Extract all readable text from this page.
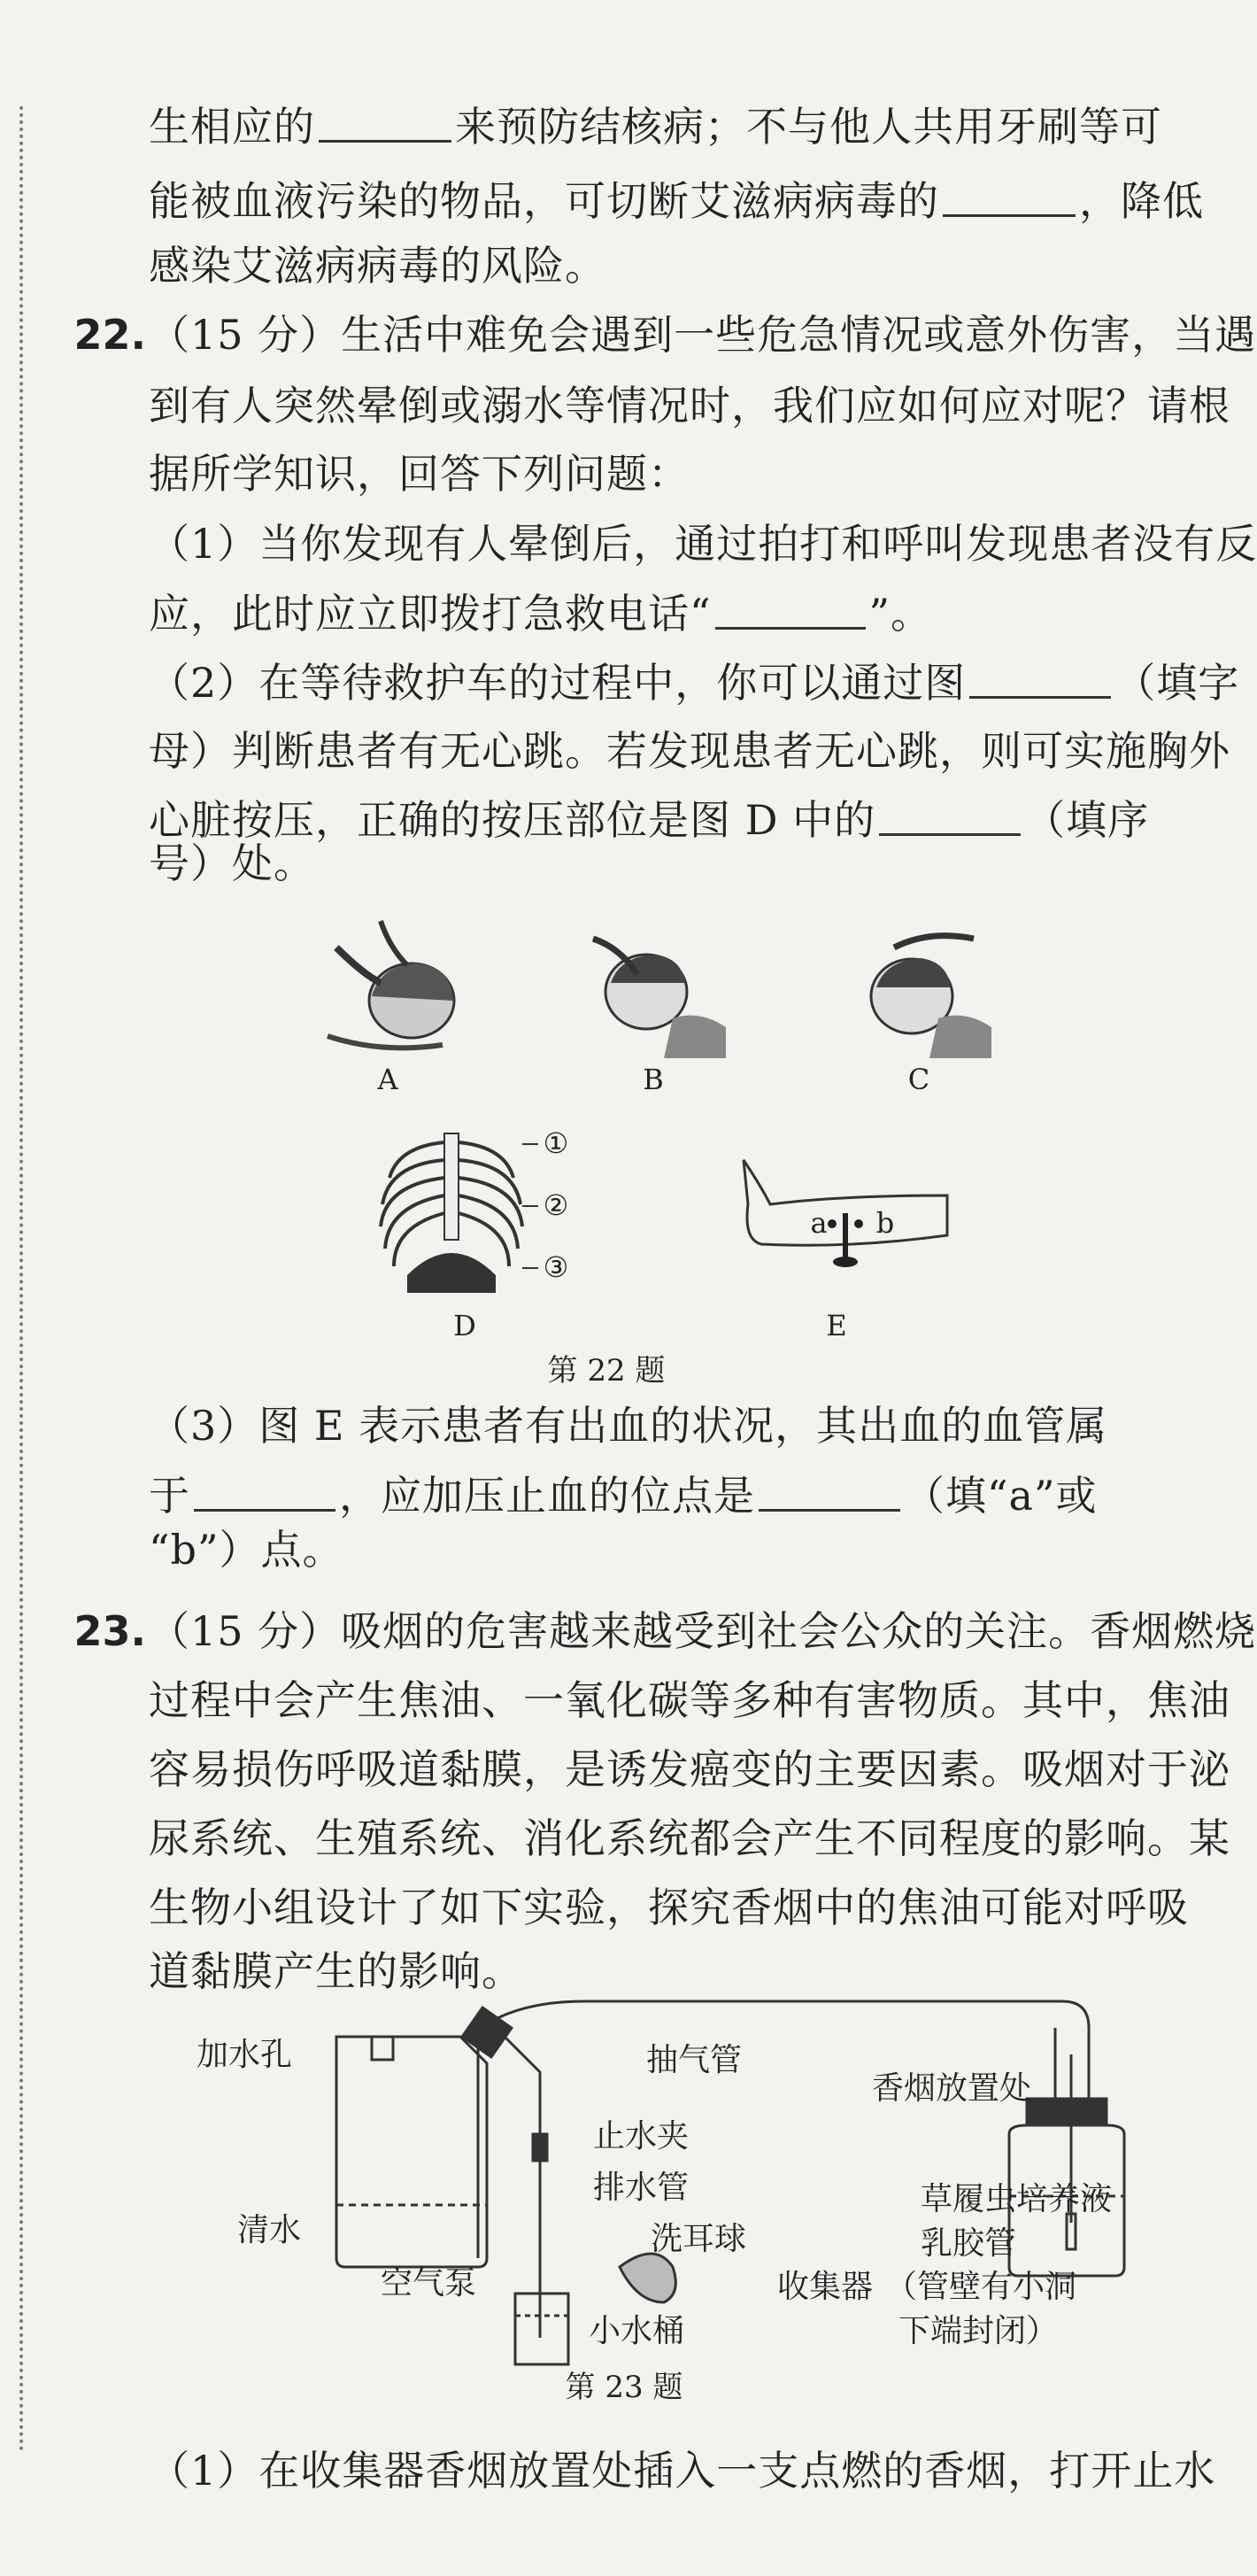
生相应的	来预防结核病；不与他人共用牙刷等可
能被血液污染的物品，可切断艾滋病病毒的	，降低
感染艾滋病病毒的风险。
22. （15 分）生活中难免会遇到一些危急情况或意外伤害，当遇
到有人突然晕倒或溺水等情况时，我们应如何应对呢？请根
据所学知识，回答下列问题：
（1）当你发现有人晕倒后，通过拍打和呼叫发现患者没有反
应，此时应立即拨打急救电话“	”。
（2）在等待救护车的过程中，你可以通过图	（填字
母）判断患者有无心跳。若发现患者无心跳，则可实施胸外
心脏按压，正确的按压部位是图 D 中的	（填序
号）处。
A	B	C
①
②
③
D
a b
E
第 22 题
（3）图 E 表示患者有出血的状况，其出血的血管属
于	，应加压止血的位点是	（填“a”或
“b”）点。
23. （15 分）吸烟的危害越来越受到社会公众的关注。香烟燃烧
过程中会产生焦油、一氧化碳等多种有害物质。其中，焦油
容易损伤呼吸道黏膜，是诱发癌变的主要因素。吸烟对于泌
尿系统、生殖系统、消化系统都会产生不同程度的影响。某
生物小组设计了如下实验，探究香烟中的焦油可能对呼吸
道黏膜产生的影响。
加水孔
清水
空气泵
止水夹
排水管
洗耳球
小水桶
抽气管
香烟放置处
草履虫培养液
乳胶管
收集器 （管壁有小洞
下端封闭）
第 23 题
（1）在收集器香烟放置处插入一支点燃的香烟，打开止水
